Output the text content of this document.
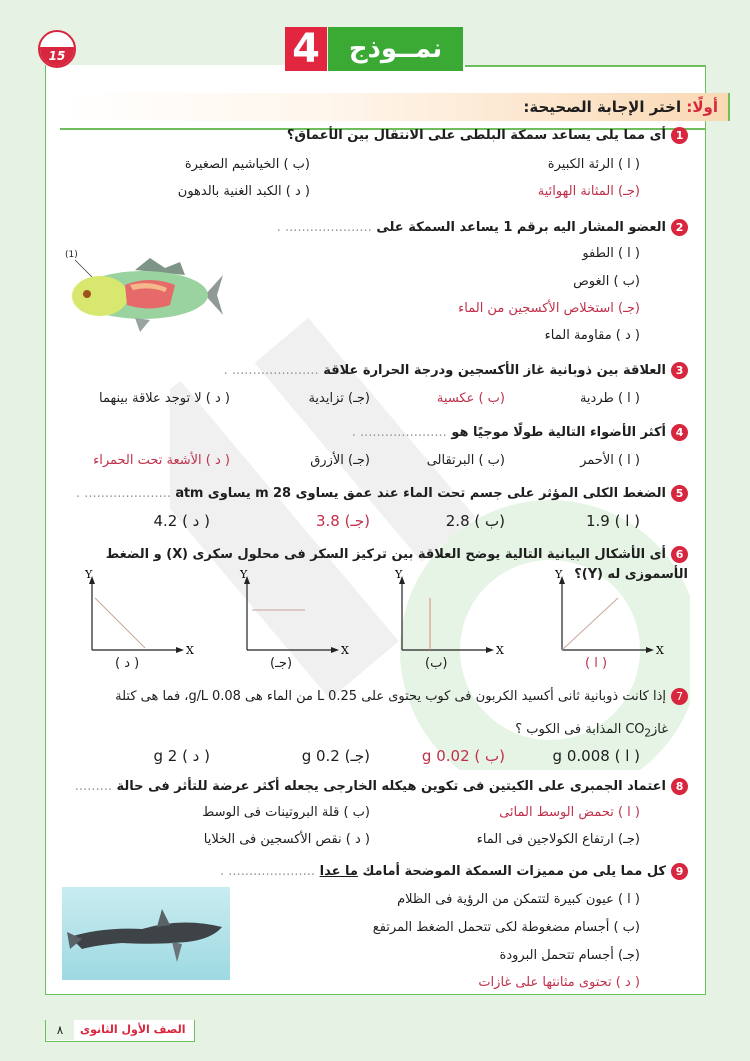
15	4	نمــوذج
أولًا: اختر الإجابة الصحيحة:
1أى مما يلى يساعد سمكة البلطى على الانتقال بين الأعماق؟
( ا ) الرئة الكبيرة
(ب ) الخياشيم الصغيرة
(جـ) المثانة الهوائية
( د ) الكبد الغنية بالدهون
2العضو المشار اليه برقم 1 يساعد السمكة على ..................... .
( ا ) الطفو
(ب ) الغوص
(جـ) استخلاص الأكسجين من الماء
( د ) مقاومة الماء
(1)
3العلاقة بين ذوبانية غاز الأكسجين ودرجة الحرارة علاقة ..................... .
( ا ) طردية
(ب ) عكسية
(جـ) تزايدية
( د ) لا توجد علاقة بينهما
4أكثر الأضواء التالية طولًا موجيًا هو ..................... .
( ا ) الأحمر
(ب ) البرتقالى
(جـ) الأزرق
( د ) الأشعة تحت الحمراء
5الضغط الكلى المؤثر على جسم تحت الماء عند عمق يساوى 28 m يساوى atm ..................... .
( ا ) 1.9
(ب ) 2.8
(جـ) 3.8
( د ) 4.2
6أى الأشكال البيانية التالية يوضح العلاقة بين تركيز السكر فى محلول سكرى (X) و الضغط الأسموزى له (Y)؟
Y
X
( ا )
Y
X
(ب)
Y
X
(جـ)
Y
X
( د )
7إذا كانت ذوبانية ثانى أكسيد الكربون فى كوب يحتوى على 0.25 L من الماء هى 0.08 g/L، فما هى كتلة
غازCO$_2$ المذابة فى الكوب ؟
( ا ) 0.008 g
(ب ) 0.02 g
(جـ) 0.2 g
( د ) 2 g
8اعتماد الجمبرى على الكيتين فى تكوين هيكله الخارجى يجعله أكثر عرضة للتأثر فى حالة .........
( ا ) تحمض الوسط المائى
(ب ) قلة البروتينات فى الوسط
(جـ) ارتفاع الكولاجين فى الماء
( د ) نقص الأكسجين فى الخلايا
9كل مما يلى من مميزات السمكة الموضحة أمامك ما عدا ..................... .
( ا ) عيون كبيرة لتتمكن من الرؤية فى الظلام
(ب ) أجسام مضغوطة لكى تتحمل الضغط المرتفع
(جـ) أجسام تتحمل البرودة
( د ) تحتوى مثانتها على غازات
٨	الصف الأول الثانوى
